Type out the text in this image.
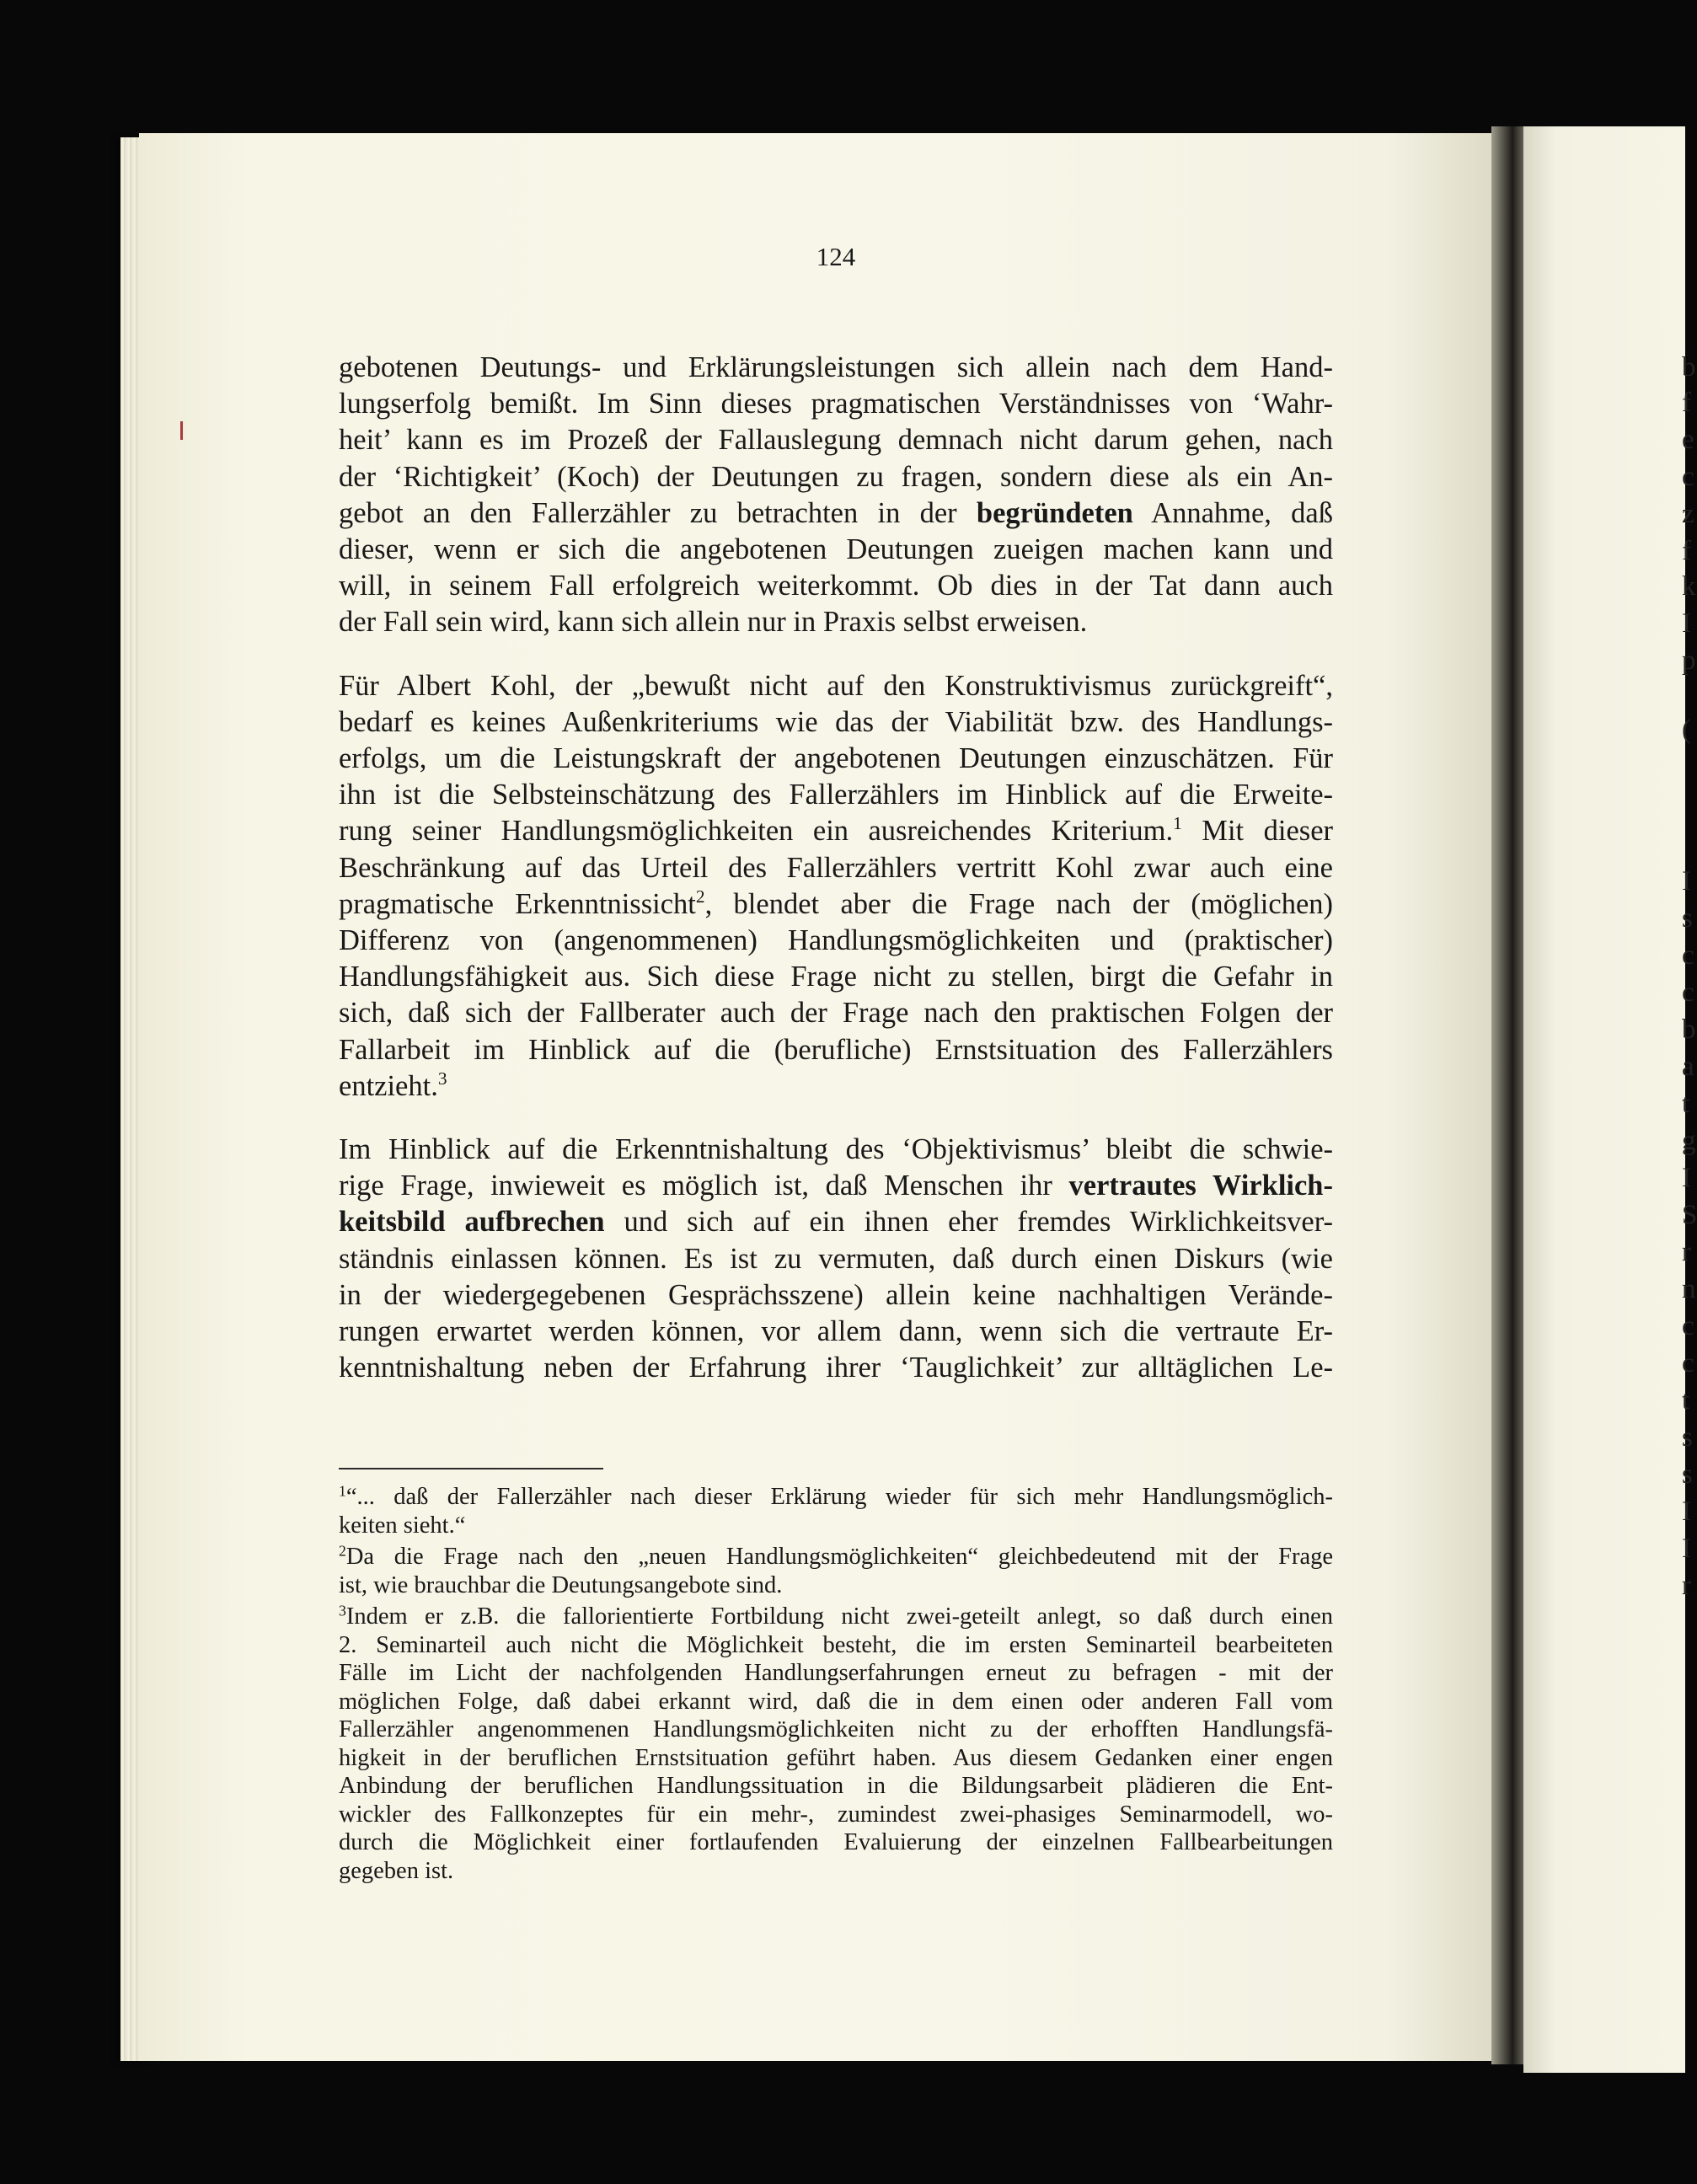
b
f
e
c
z
f
k
I
p
(
I
s
c
c
b
a
t
g
I
S
r
n
c
c
t
s
s
I
I
r
124
gebotenen Deutungs- und Erklärungsleistungen sich allein nach dem Hand-
lungserfolg bemißt. Im Sinn dieses pragmatischen Verständnisses von ‘Wahr-
heit’ kann es im Prozeß der Fallauslegung demnach nicht darum gehen, nach
der ‘Richtigkeit’ (Koch) der Deutungen zu fragen, sondern diese als ein An-
gebot an den Fallerzähler zu betrachten in der begründeten Annahme, daß
dieser, wenn er sich die angebotenen Deutungen zueigen machen kann und
will, in seinem Fall erfolgreich weiterkommt. Ob dies in der Tat dann auch
der Fall sein wird, kann sich allein nur in Praxis selbst erweisen.
Für Albert Kohl, der „bewußt nicht auf den Konstruktivismus zurückgreift“,
bedarf es keines Außenkriteriums wie das der Viabilität bzw. des Handlungs-
erfolgs, um die Leistungskraft der angebotenen Deutungen einzuschätzen. Für
ihn ist die Selbsteinschätzung des Fallerzählers im Hinblick auf die Erweite-
rung seiner Handlungsmöglichkeiten ein ausreichendes Kriterium.$^1$ Mit dieser
Beschränkung auf das Urteil des Fallerzählers vertritt Kohl zwar auch eine
pragmatische Erkenntnissicht$^2$, blendet aber die Frage nach der (möglichen)
Differenz von (angenommenen) Handlungsmöglichkeiten und (praktischer)
Handlungsfähigkeit aus. Sich diese Frage nicht zu stellen, birgt die Gefahr in
sich, daß sich der Fallberater auch der Frage nach den praktischen Folgen der
Fallarbeit im Hinblick auf die (berufliche) Ernstsituation des Fallerzählers
entzieht.$^3$
Im Hinblick auf die Erkenntnishaltung des ‘Objektivismus’ bleibt die schwie-
rige Frage, inwieweit es möglich ist, daß Menschen ihr vertrautes Wirklich-
keitsbild aufbrechen und sich auf ein ihnen eher fremdes Wirklichkeitsver-
ständnis einlassen können. Es ist zu vermuten, daß durch einen Diskurs (wie
in der wiedergegebenen Gesprächsszene) allein keine nachhaltigen Verände-
rungen erwartet werden können, vor allem dann, wenn sich die vertraute Er-
kenntnishaltung neben der Erfahrung ihrer ‘Tauglichkeit’ zur alltäglichen Le-
$^1$“... daß der Fallerzähler nach dieser Erklärung wieder für sich mehr Handlungsmöglich-
keiten sieht.“
$^2$Da die Frage nach den „neuen Handlungsmöglichkeiten“ gleichbedeutend mit der Frage
ist, wie brauchbar die Deutungsangebote sind.
$^3$Indem er z.B. die fallorientierte Fortbildung nicht zwei-geteilt anlegt, so daß durch einen
2. Seminarteil auch nicht die Möglichkeit besteht, die im ersten Seminarteil bearbeiteten
Fälle im Licht der nachfolgenden Handlungserfahrungen erneut zu befragen - mit der
möglichen Folge, daß dabei erkannt wird, daß die in dem einen oder anderen Fall vom
Fallerzähler angenommenen Handlungsmöglichkeiten nicht zu der erhofften Handlungsfä-
higkeit in der beruflichen Ernstsituation geführt haben. Aus diesem Gedanken einer engen
Anbindung der beruflichen Handlungssituation in die Bildungsarbeit plädieren die Ent-
wickler des Fallkonzeptes für ein mehr-, zumindest zwei-phasiges Seminarmodell, wo-
durch die Möglichkeit einer fortlaufenden Evaluierung der einzelnen Fallbearbeitungen
gegeben ist.
